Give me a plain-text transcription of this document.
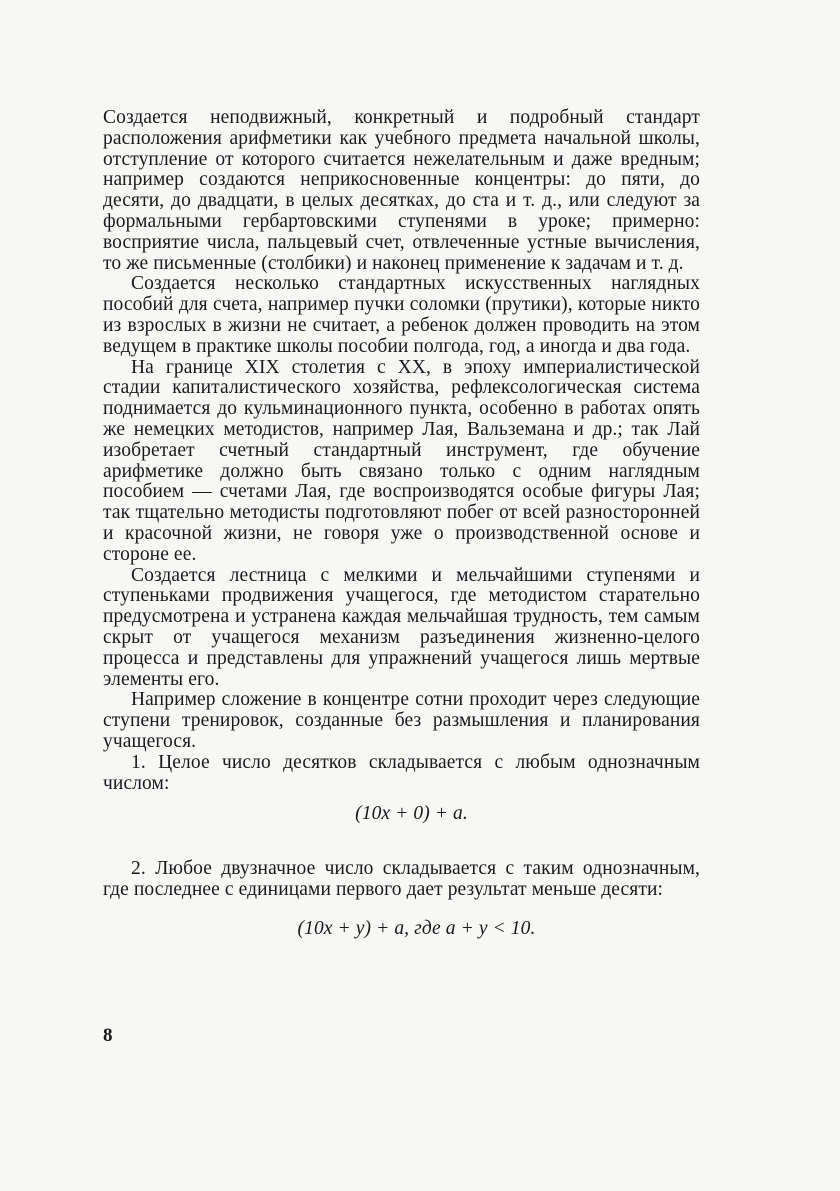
Создается неподвижный, конкретный и подробный стандарт расположения арифметики как учебного предмета начальной школы, отступление от которого считается нежелательным и даже вредным; например создаются неприкосновенные концентры: до пяти, до десяти, до двадцати, в целых десятках, до ста и т. д., или следуют за формальными гербартовскими ступенями в уроке; примерно: восприятие числа, пальцевый счет, отвлеченные устные вычисления, то же письменные (столбики) и наконец применение к задачам и т. д.

Создается несколько стандартных искусственных наглядных пособий для счета, например пучки соломки (прутики), которые никто из взрослых в жизни не считает, а ребенок должен проводить на этом ведущем в практике школы пособии полгода, год, а иногда и два года.

На границе XIX столетия с XX, в эпоху империалистической стадии капиталистического хозяйства, рефлексологическая система поднимается до кульминационного пункта, особенно в работах опять же немецких методистов, например Лая, Вальземана и др.; так Лай изобретает счетный стандартный инструмент, где обучение арифметике должно быть связано только с одним наглядным пособием — счетами Лая, где воспроизводятся особые фигуры Лая; так тщательно методисты подготовляют побег от всей разносторонней и красочной жизни, не говоря уже о производственной основе и стороне ее.

Создается лестница с мелкими и мельчайшими ступенями и ступеньками продвижения учащегося, где методистом старательно предусмотрена и устранена каждая мельчайшая трудность, тем самым скрыт от учащегося механизм разъединения жизненно-целого процесса и представлены для упражнений учащегося лишь мертвые элементы его.

Например сложение в концентре сотни проходит через следующие ступени тренировок, созданные без размышления и планирования учащегося.

1. Целое число десятков складывается с любым однозначным числом:

(10x + 0) + a.

2. Любое двузначное число складывается с таким однозначным, где последнее с единицами первого дает результат меньше десяти:

(10x + y) + a, где a + y < 10.

8
